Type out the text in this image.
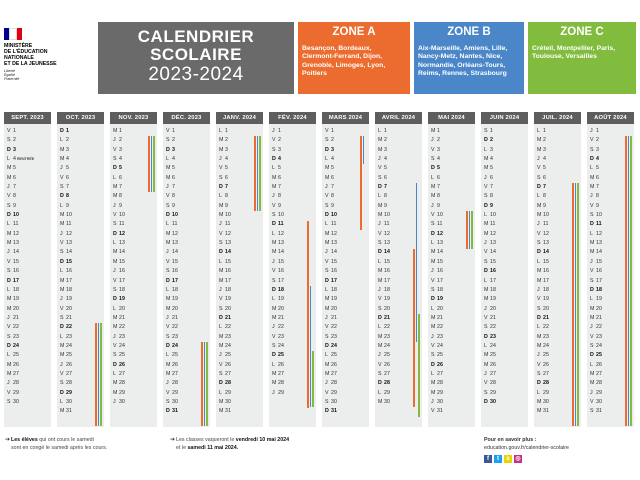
MINISTÈRE
DE L'ÉDUCATION
NATIONALE
ET DE LA JEUNESSE
Liberté
Égalité
Fraternité
CALENDRIER
SCOLAIRE
2023-2024
ZONE A
Besançon, Bordeaux,
Clermont-Ferrand, Dijon,
Grenoble, Limoges, Lyon,
Poitiers
ZONE B
Aix-Marseille, Amiens, Lille,
Nancy-Metz, Nantes, Nice,
Normandie, Orléans-Tours,
Reims, Rennes, Strasbourg
ZONE C
Créteil, Montpellier, Paris,
Toulouse, Versailles
SEPT. 2023
V 1
S 2
D 3
L 4 RENTRÉE
M 5
M 6
J 7
V 8
S 9
D 10
L 11
M 12
M 13
J 14
V 15
S 16
D 17
L 18
M 19
M 20
J 21
V 22
S 23
D 24
L 25
M 26
M 27
J 28
V 29
S 30
OCT. 2023
D 1
L 2
M 3
M 4
J 5
V 6
S 7
D 8
L 9
M 10
M 11
J 12
V 13
S 14
D 15
L 16
M 17
M 18
J 19
V 20
S 21
D 22
L 23
M 24
M 25
J 26
V 27
S 28
D 29
L 30
M 31
NOV. 2023
M 1
J 2
V 3
S 4
D 5
L 6
M 7
M 8
J 9
V 10
S 11
D 12
L 13
M 14
M 15
J 16
V 17
S 18
D 19
L 20
M 21
M 22
J 23
V 24
S 25
D 26
L 27
M 28
M 29
J 30
DÉC. 2023
V 1
S 2
D 3
L 4
M 5
M 6
J 7
V 8
S 9
D 10
L 11
M 12
M 13
J 14
V 15
S 16
D 17
L 18
M 19
M 20
J 21
V 22
S 23
D 24
L 25
M 26
M 27
J 28
V 29
S 30
D 31
JANV. 2024
L 1
M 2
M 3
J 4
V 5
S 6
D 7
L 8
M 9
M 10
J 11
V 12
S 13
D 14
L 15
M 16
M 17
J 18
V 19
S 20
D 21
L 22
M 23
M 24
J 25
V 26
S 27
D 28
L 29
M 30
M 31
FÉV. 2024
J 1
V 2
S 3
D 4
L 5
M 6
M 7
J 8
V 9
S 10
D 11
L 12
M 13
M 14
J 15
V 16
S 17
D 18
L 19
M 20
M 21
J 22
V 23
S 24
D 25
L 26
M 27
M 28
J 29
MARS 2024
V 1
S 2
D 3
L 4
M 5
M 6
J 7
V 8
S 9
D 10
L 11
M 12
M 13
J 14
V 15
S 16
D 17
L 18
M 19
M 20
J 21
V 22
S 23
D 24
L 25
M 26
M 27
J 28
V 29
S 30
D 31
AVRIL 2024
L 1
M 2
M 3
J 4
V 5
S 6
D 7
L 8
M 9
M 10
J 11
V 12
S 13
D 14
L 15
M 16
M 17
J 18
V 19
S 20
D 21
L 22
M 23
M 24
J 25
V 26
S 27
D 28
L 29
M 30
MAI 2024
M 1
J 2
V 3
S 4
D 5
L 6
M 7
M 8
J 9
V 10
S 11
D 12
L 13
M 14
M 15
J 16
V 17
S 18
D 19
L 20
M 21
M 22
J 23
V 24
S 25
D 26
L 27
M 28
M 29
J 30
V 31
JUIN 2024
S 1
D 2
L 3
M 4
M 5
J 6
V 7
S 8
D 9
L 10
M 11
M 12
J 13
V 14
S 15
D 16
L 17
M 18
M 19
J 20
V 21
S 22
D 23
L 24
M 25
M 26
J 27
V 28
S 29
D 30
JUIL. 2024
L 1
M 2
M 3
J 4
V 5
S 6
D 7
L 8
M 9
M 10
J 11
V 12
S 13
D 14
L 15
M 16
M 17
J 18
V 19
S 20
D 21
L 22
M 23
M 24
J 25
V 26
S 27
D 28
L 29
M 30
M 31
AOÛT 2024
J 1
V 2
S 3
D 4
L 5
M 6
M 7
J 8
V 9
S 10
D 11
L 12
M 13
M 14
J 15
V 16
S 17
D 18
L 19
M 20
M 21
J 22
V 23
S 24
D 25
L 26
M 27
M 28
J 29
V 30
S 31
➔Les élèves qui ont cours le samedi
sont en congé le samedi après les cours.
➔Les classes vaqueront le vendredi 10 mai 2024
et le samedi 11 mai 2024.
Pour en savoir plus :
education.gouv.fr/calendrier-scolaire
f	t	s ◎
